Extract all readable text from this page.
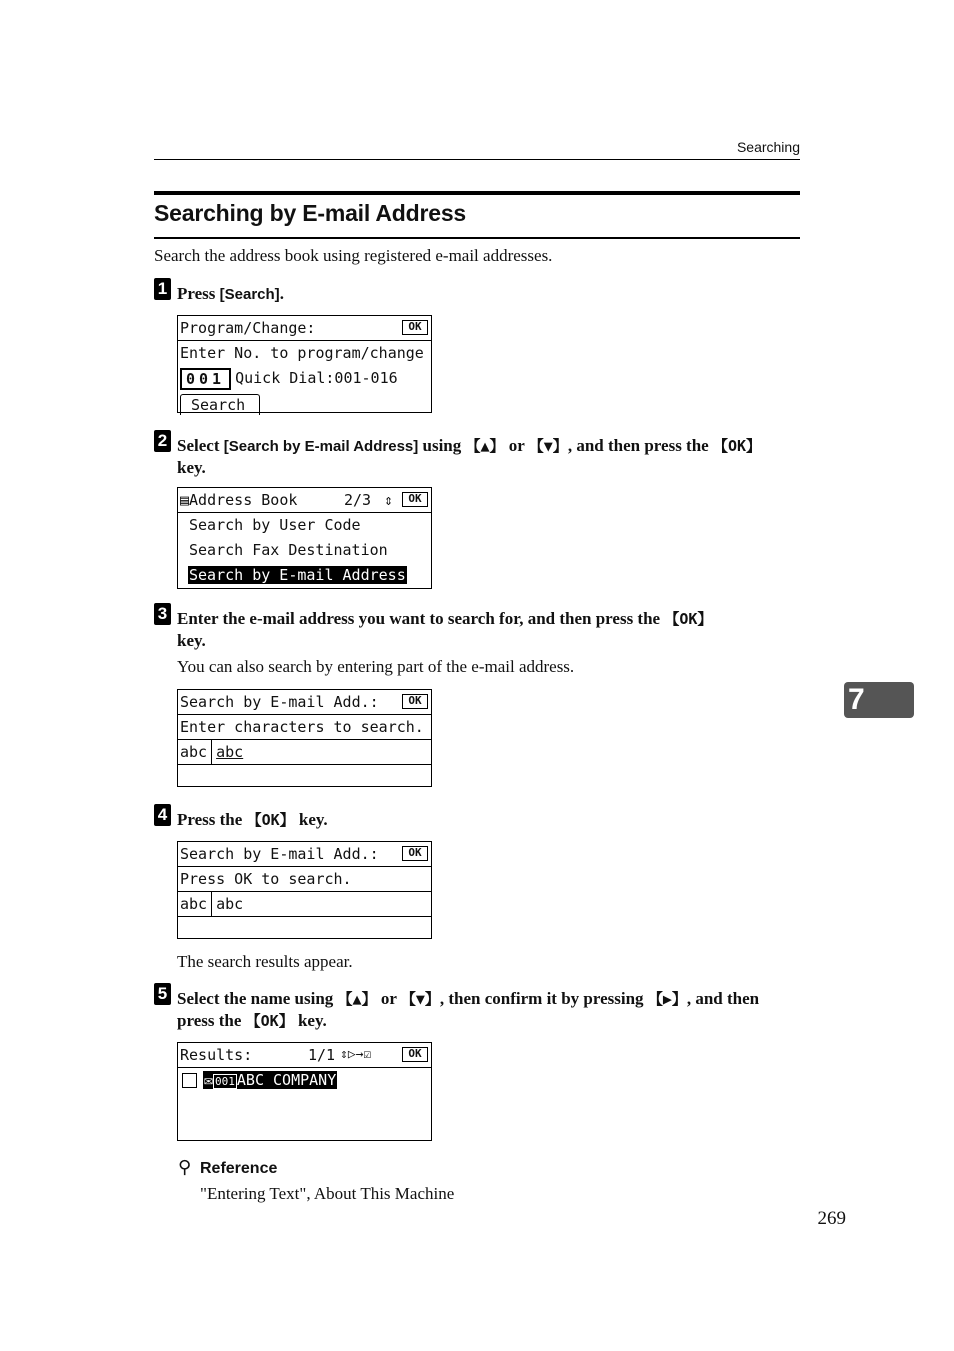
Searching
Searching by E-mail Address
Search the address book using registered e-mail addresses.
1 Press [Search].
Program/Change:	OK
Enter No. to program/change
001 Quick Dial:001-016
Search
2 Select [Search by E-mail Address] using 【▲】 or 【▼】, and then press the 【OK】
key.
▤Address Book	2/3 ⇕	OK
Search by User Code
Search Fax Destination
Search by E-mail Address
3 Enter the e-mail address you want to search for, and then press the 【OK】
key.
You can also search by entering part of the e-mail address.
Search by E-mail Add.:	OK
Enter characters to search.
abc abc
4 Press the 【OK】 key.
Search by E-mail Add.:	OK
Press OK to search.
abc abc
The search results appear.
5 Select the name using 【▲】 or 【▼】, then confirm it by pressing 【▶】, and then
press the 【OK】 key.
Results:	1/1 ⇕▷→☑	OK
✉ 001 ABC COMPANY
⚲ Reference
"Entering Text", About This Machine
7
269
